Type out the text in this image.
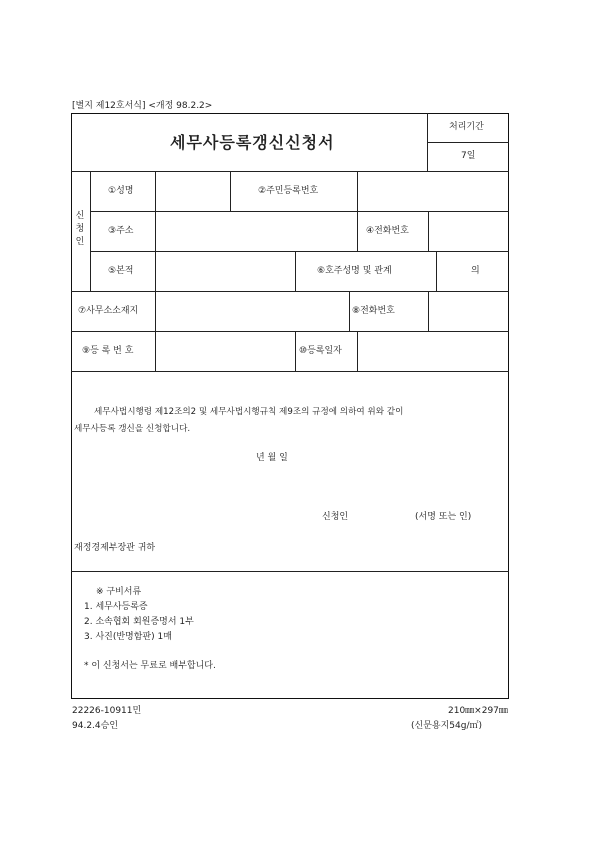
[별지 제12호서식] <개정 98.2.2>
세무사등록갱신신청서
처리기간
7일
신
청
인
①성명	②주민등록번호
③주소	④전화번호
⑤본적	⑥호주성명 및 관계	의
⑦사무소소재지	⑧전화번호
⑨등 록 번 호	⑩등록일자
세무사법시행령 제12조의2 및 세무사법시행규칙 제9조의 규정에 의하여 위와 같이
세무사등록 갱신을 신청합니다.
년 월 일
신청인	(서명 또는 인)
재정경제부장관 귀하
※ 구비서류
1. 세무사등록증
2. 소속협회 회원증명서 1부
3. 사진(반명함판) 1매
* 이 신청서는 무료로 배부합니다.
22226-10911민
94.2.4승인
210㎜×297㎜
(신문용지54g/㎡)
